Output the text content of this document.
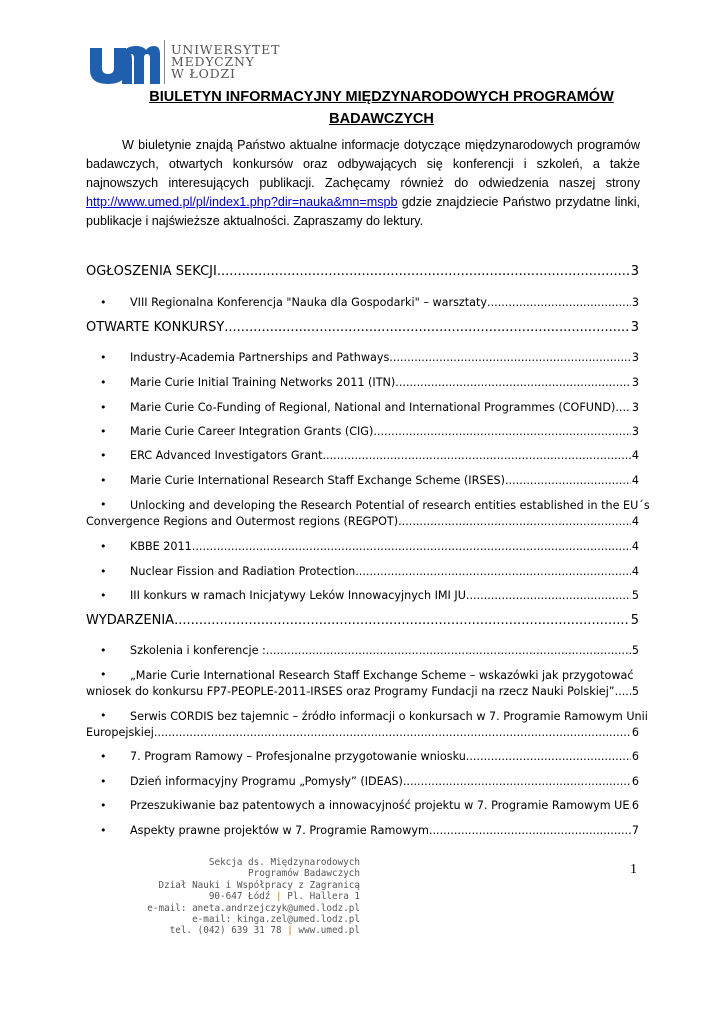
UNIWERSYTET
MEDYCZNY
W ŁODZI
BIULETYN INFORMACYJNY MIĘDZYNARODOWYCH PROGRAMÓW
BADAWCZYCH
W biuletynie znajdą Państwo aktualne informacje dotyczące międzynarodowych programów badawczych, otwartych konkursów oraz odbywających się konferencji i szkoleń, a także najnowszych interesujących publikacji. Zachęcamy również do odwiedzenia naszej strony http://www.umed.pl/pl/index1.php?dir=nauka&mn=mspb gdzie znajdziecie Państwo przydatne linki, publikacje i najświeższe aktualności. Zapraszamy do lektury.
OGŁOSZENIA SEKCJI .....	3
• VIII Regionalna Konferencja "Nauka dla Gospodarki" – warsztaty .....	3
OTWARTE KONKURSY .....	3
• Industry-Academia Partnerships and Pathways .....	3
• Marie Curie Initial Training Networks 2011 (ITN) .....	3
• Marie Curie Co-Funding of Regional, National and International Programmes (COFUND) ..... 3
• Marie Curie Career Integration Grants (CIG) .....	3
• ERC Advanced Investigators Grant .....	4
• Marie Curie International Research Staff Exchange Scheme (IRSES) .....	4
•	Unlocking and developing the Research Potential of research entities established in the EU´s
Convergence Regions and Outermost regions (REGPOT) .....	4
• KBBE 2011 .....	4
• Nuclear Fission and Radiation Protection .....	4
• III konkurs w ramach Inicjatywy Leków Innowacyjnych IMI JU .....	5
WYDARZENIA .....	5
• Szkolenia i konferencje : .....	5
•	„Marie Curie International Research Staff Exchange Scheme – wskazówki jak przygotować
wniosek do konkursu FP7-PEOPLE-2011-IRSES oraz Programy Fundacji na rzecz Nauki Polskiej” ..... 5
•	Serwis CORDIS bez tajemnic – źródło informacji o konkursach w 7. Programie Ramowym Unii
Europejskiej .....	6
• 7. Program Ramowy – Profesjonalne przygotowanie wniosku .....	6
• Dzień informacyjny Programu „Pomysły” (IDEAS) .....	6
• Przeszukiwanie baz patentowych a innowacyjność projektu w 7. Programie Ramowym UE ..... 6
• Aspekty prawne projektów w 7. Programie Ramowym .....	7
Sekcja ds. Międzynarodowych
Programów Badawczych
Dział Nauki i Współpracy z Zagranicą
90-647 Łódź | Pl. Hallera 1
e-mail: aneta.andrzejczyk@umed.lodz.pl
e-mail: kinga.zel@umed.lodz.pl
tel. (042) 639 31 78 | www.umed.pl
1
